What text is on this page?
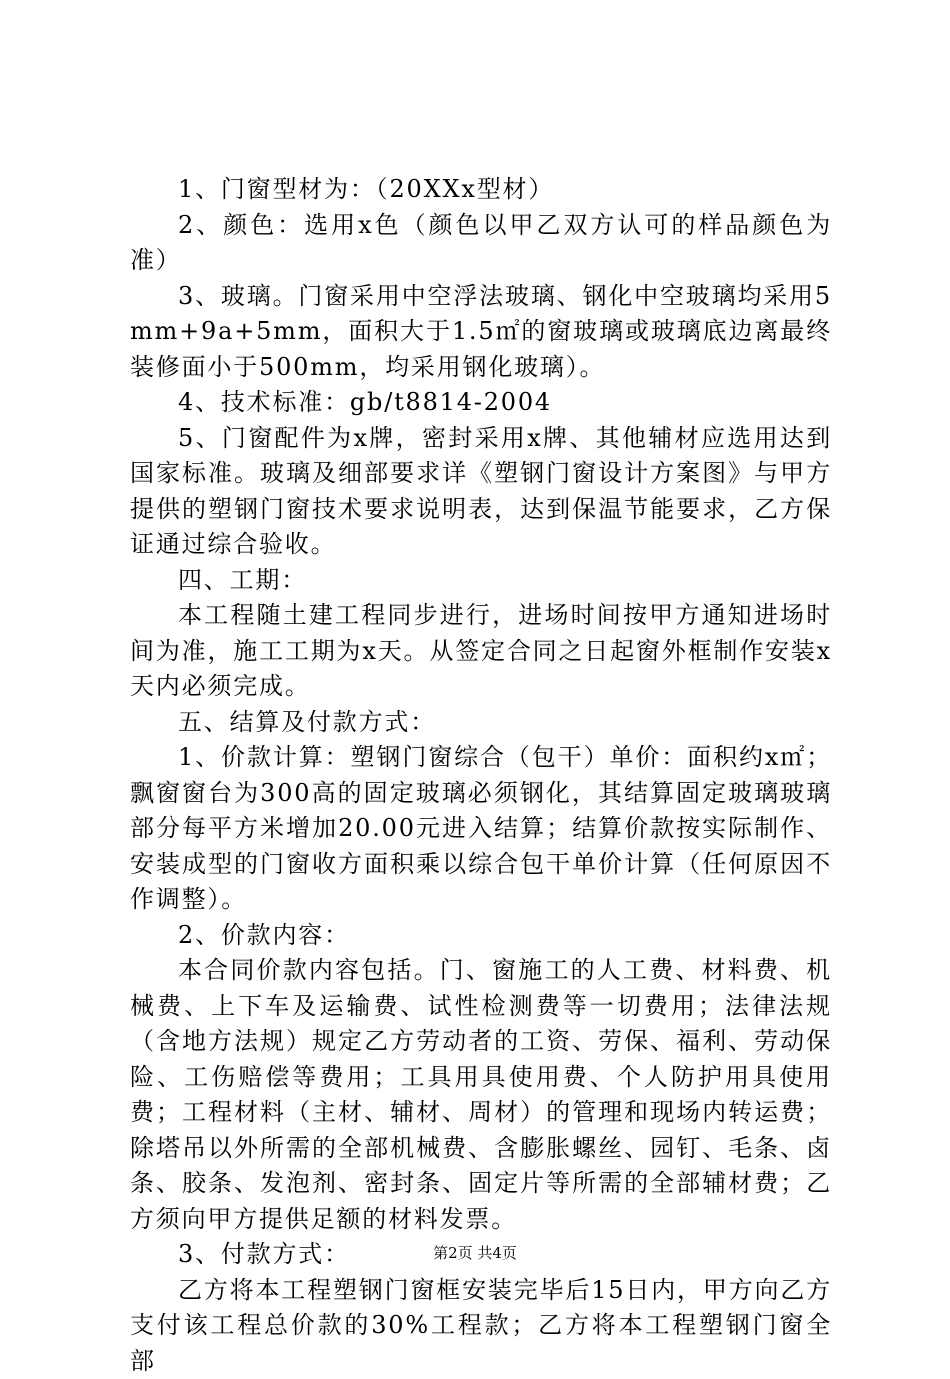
1、门窗型材为：（20XXx型材）

2、颜色：选用x色（颜色以甲乙双方认可的样品颜色为准）

3、玻璃。门窗采用中空浮法玻璃、钢化中空玻璃均采用5mm+9a+5mm，面积大于1.5㎡的窗玻璃或玻璃底边离最终装修面小于500mm，均采用钢化玻璃）。

4、技术标准：gb/t8814-2004

5、门窗配件为x牌，密封采用x牌、其他辅材应选用达到国家标准。玻璃及细部要求详《塑钢门窗设计方案图》与甲方提供的塑钢门窗技术要求说明表，达到保温节能要求，乙方保证通过综合验收。

四、工期：

本工程随土建工程同步进行，进场时间按甲方通知进场时间为准，施工工期为x天。从签定合同之日起窗外框制作安装x天内必须完成。

五、结算及付款方式：

1、价款计算：塑钢门窗综合（包干）单价：面积约x㎡；飘窗窗台为300高的固定玻璃必须钢化，其结算固定玻璃玻璃部分每平方米增加20.00元进入结算；结算价款按实际制作、安装成型的门窗收方面积乘以综合包干单价计算（任何原因不作调整）。

2、价款内容：

本合同价款内容包括。门、窗施工的人工费、材料费、机械费、上下车及运输费、试性检测费等一切费用；法律法规（含地方法规）规定乙方劳动者的工资、劳保、福利、劳动保险、工伤赔偿等费用；工具用具使用费、个人防护用具使用费；工程材料（主材、辅材、周材）的管理和现场内转运费；除塔吊以外所需的全部机械费、含膨胀螺丝、园钉、毛条、卤条、胶条、发泡剂、密封条、固定片等所需的全部辅材费；乙方须向甲方提供足额的材料发票。

3、付款方式：

乙方将本工程塑钢门窗框安装完毕后15日内，甲方向乙方支付该工程总价款的30%工程款；乙方将本工程塑钢门窗全部

第2页 共4页
